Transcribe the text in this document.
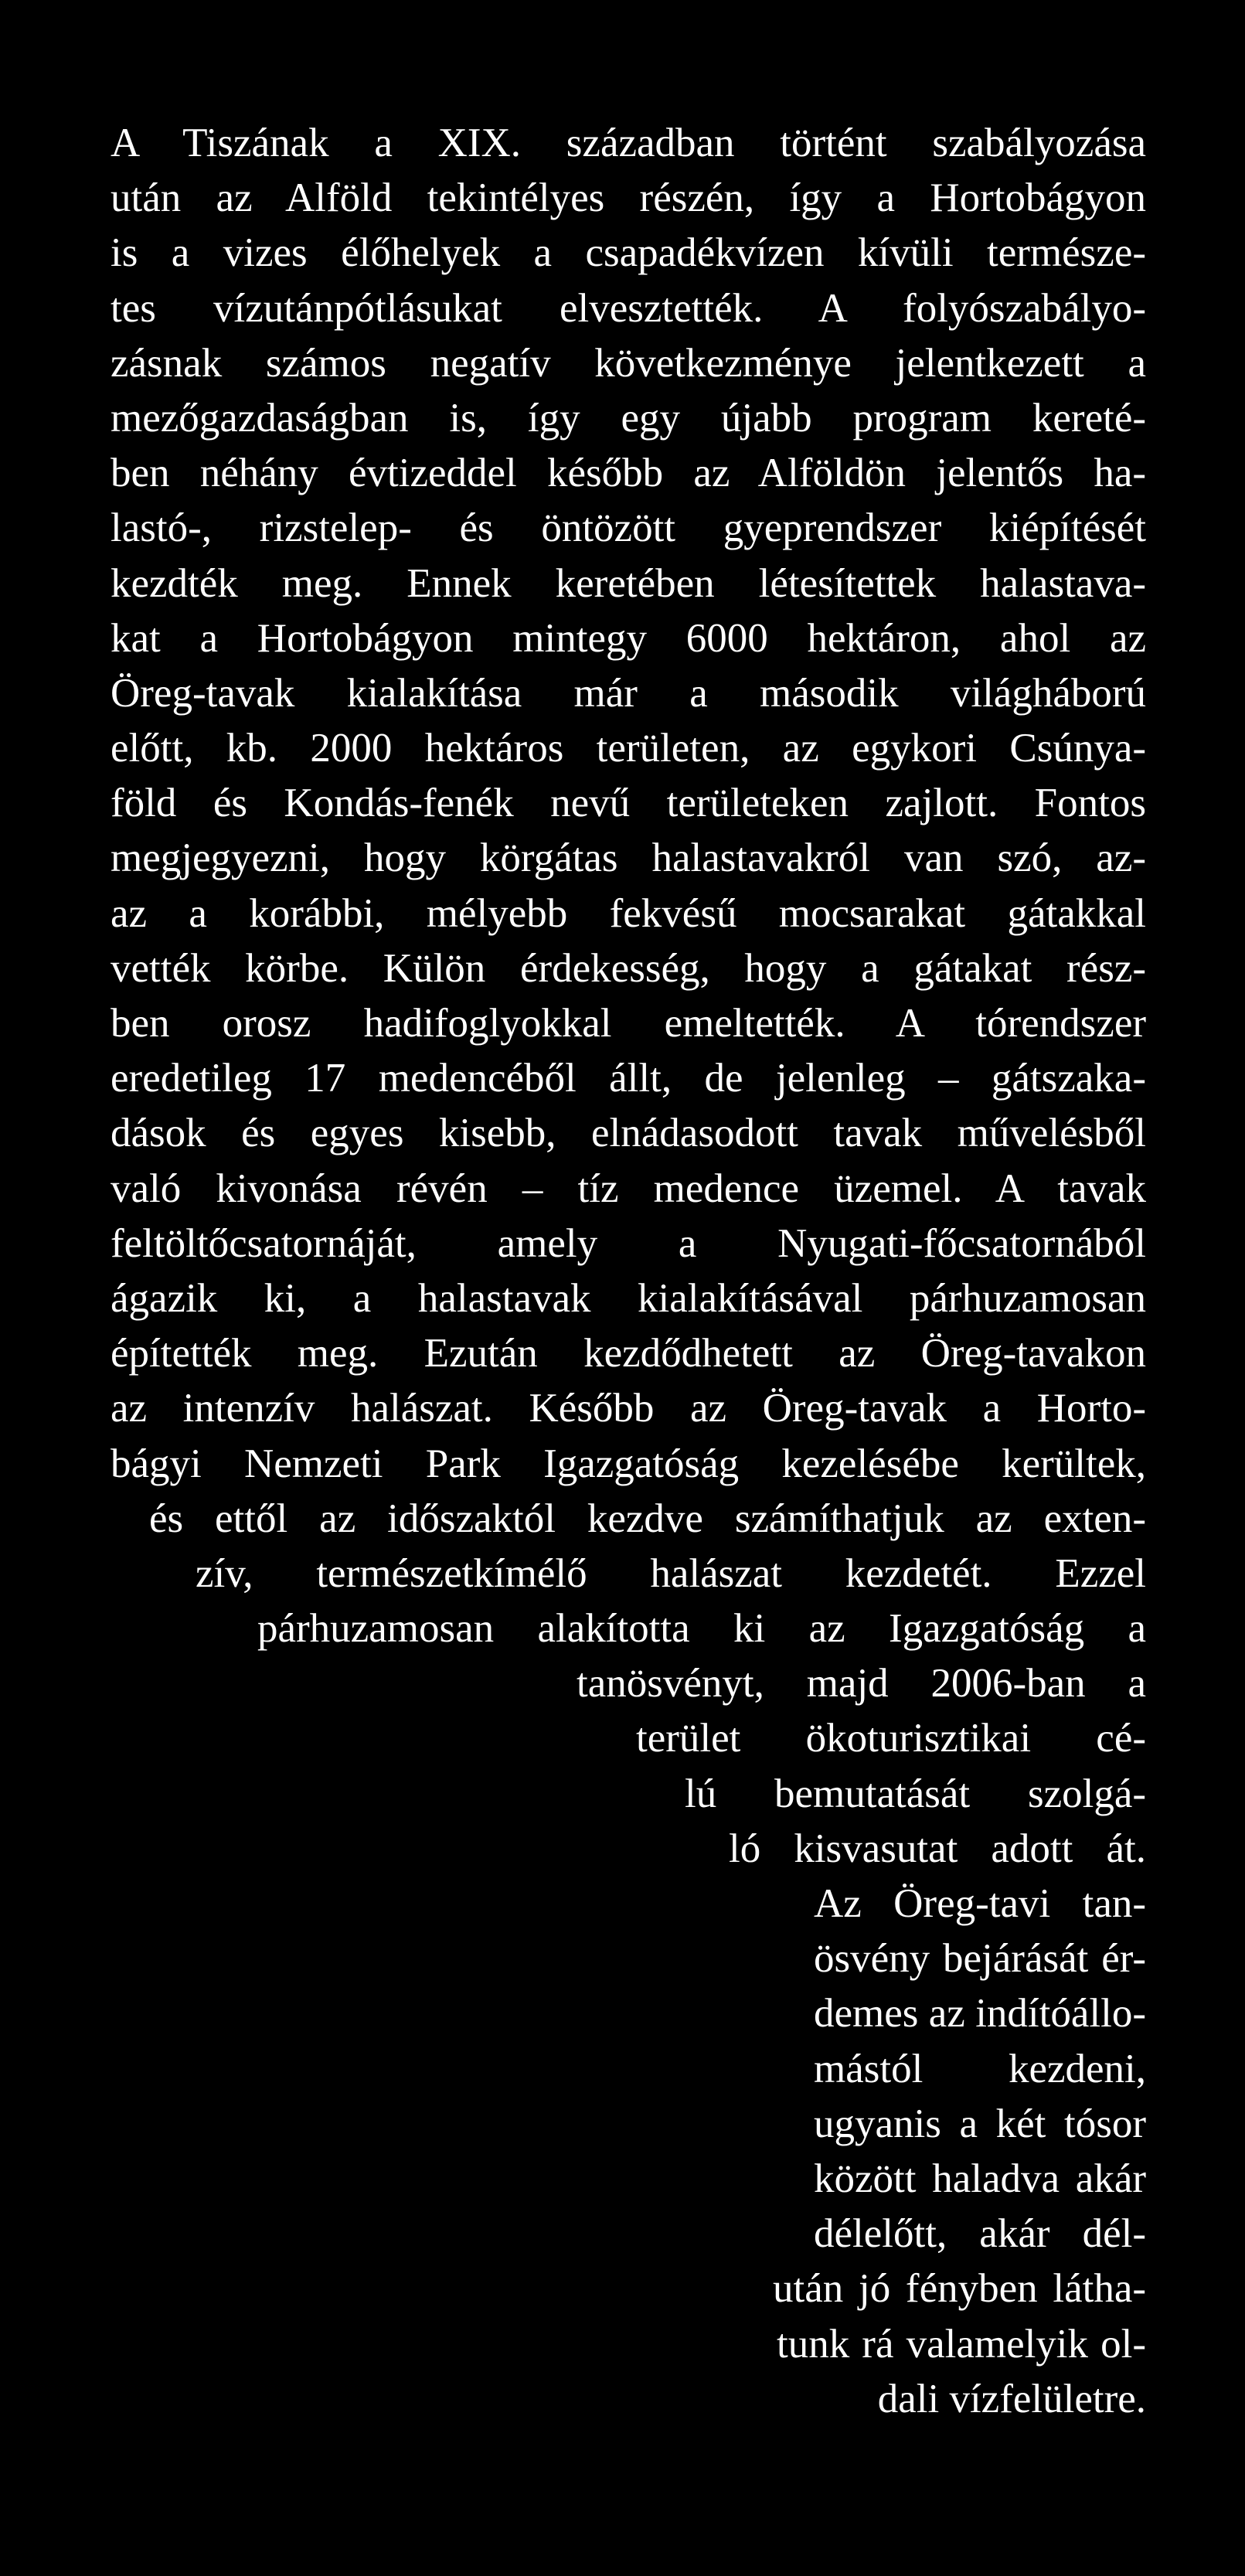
A Tiszának a XIX. században történt szabályozása
után az Alföld tekintélyes részén, így a Hortobágyon
is a vizes élőhelyek a csapadékvízen kívüli természe-
tes vízutánpótlásukat elvesztették. A folyószabályo-
zásnak számos negatív következménye jelentkezett a
mezőgazdaságban is, így egy újabb program kereté-
ben néhány évtizeddel később az Alföldön jelentős ha-
lastó-, rizstelep- és öntözött gyeprendszer kiépítését
kezdték meg. Ennek keretében létesítettek halastava-
kat a Hortobágyon mintegy 6000 hektáron, ahol az
Öreg-tavak kialakítása már a második világháború
előtt, kb. 2000 hektáros területen, az egykori Csúnya-
föld és Kondás-fenék nevű területeken zajlott. Fontos
megjegyezni, hogy körgátas halastavakról van szó, az-
az a korábbi, mélyebb fekvésű mocsarakat gátakkal
vették körbe. Külön érdekesség, hogy a gátakat rész-
ben orosz hadifoglyokkal emeltették. A tórendszer
eredetileg 17 medencéből állt, de jelenleg – gátszaka-
dások és egyes kisebb, elnádasodott tavak művelésből
való kivonása révén – tíz medence üzemel. A tavak
feltöltőcsatornáját, amely a Nyugati-főcsatornából
ágazik ki, a halastavak kialakításával párhuzamosan
építették meg. Ezután kezdődhetett az Öreg-tavakon
az intenzív halászat. Később az Öreg-tavak a Horto-
bágyi Nemzeti Park Igazgatóság kezelésébe kerültek,
és ettől az időszaktól kezdve számíthatjuk az exten-
zív, természetkímélő halászat kezdetét. Ezzel
párhuzamosan alakította ki az Igazgatóság a
tanösvényt, majd 2006-ban a
terület ökoturisztikai cé-
lú bemutatását szolgá-
ló kisvasutat adott át.
Az Öreg-tavi tan-
ösvény bejárását ér-
demes az indítóállo-
mástól kezdeni,
ugyanis a két tósor
között haladva akár
délelőtt, akár dél-
után jó fényben látha-
tunk rá valamelyik ol-
dali vízfelületre.
